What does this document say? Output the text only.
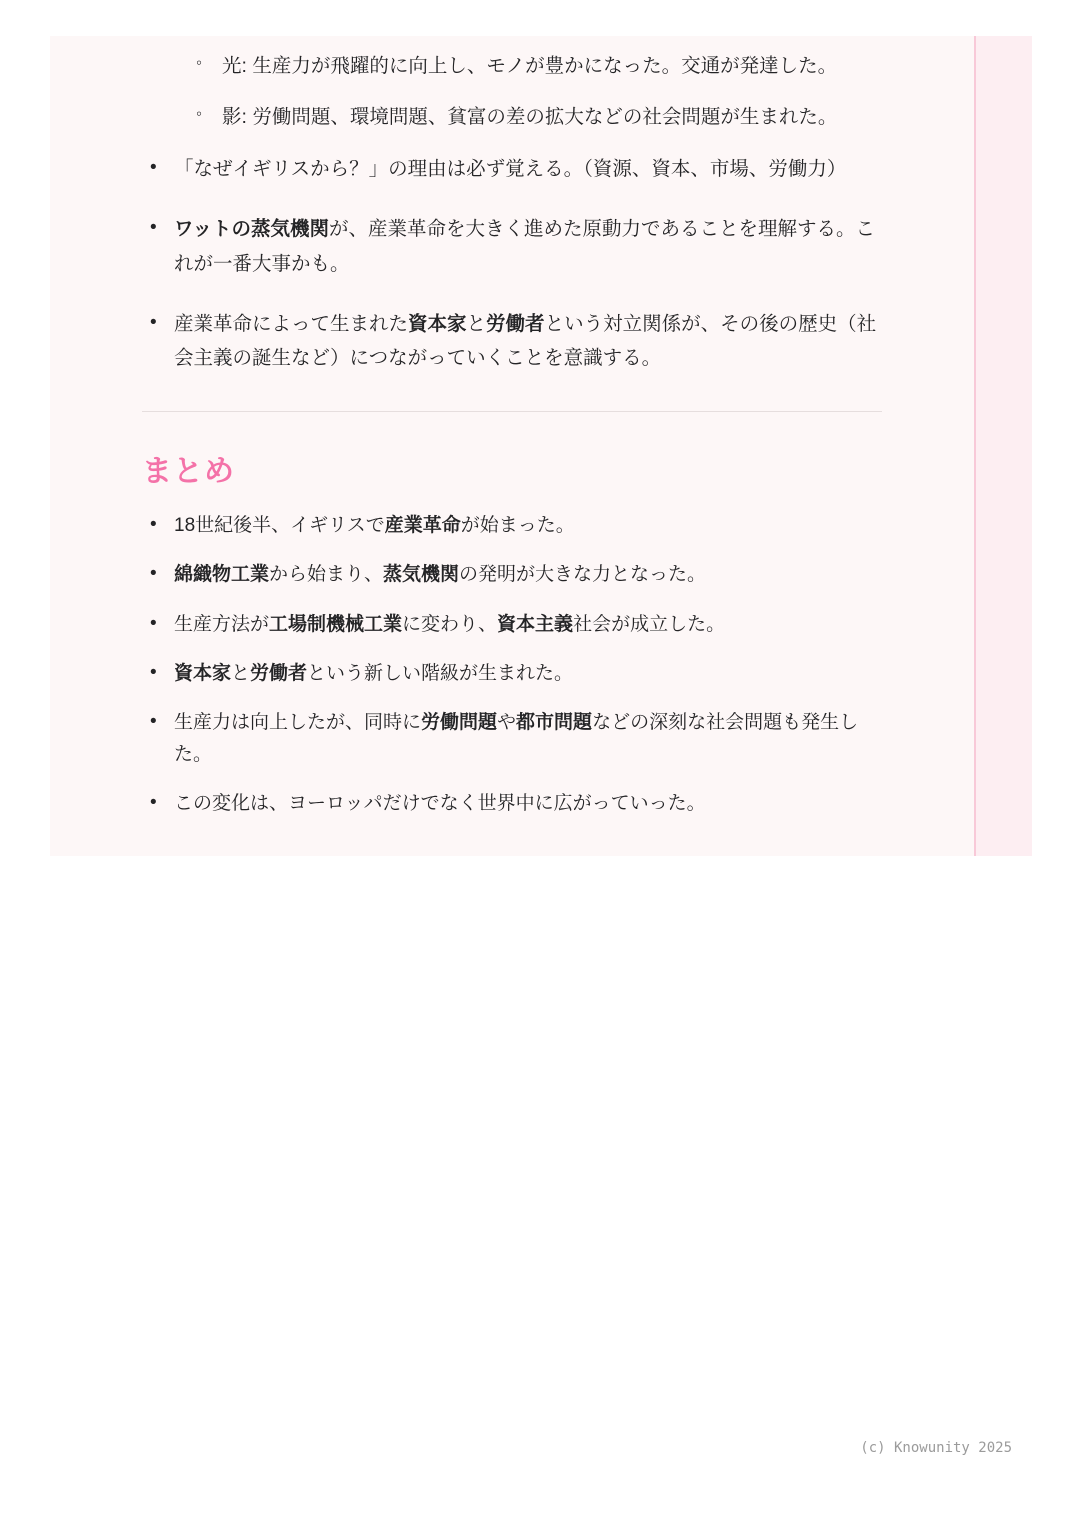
◦ 光: 生産力が飛躍的に向上し、モノが豊かになった。交通が発達した。
◦ 影: 労働問題、環境問題、貧富の差の拡大などの社会問題が生まれた。
• 「なぜイギリスから？」の理由は必ず覚える。（資源、資本、市場、労働力）
• ワットの蒸気機関が、産業革命を大きく進めた原動力であることを理解する。これが一番大事かも。
• 産業革命によって生まれた資本家と労働者という対立関係が、その後の歴史（社会主義の誕生など）につながっていくことを意識する。
まとめ
• 18世紀後半、イギリスで産業革命が始まった。
• 綿織物工業から始まり、蒸気機関の発明が大きな力となった。
• 生産方法が工場制機械工業に変わり、資本主義社会が成立した。
• 資本家と労働者という新しい階級が生まれた。
• 生産力は向上したが、同時に労働問題や都市問題などの深刻な社会問題も発生した。
• この変化は、ヨーロッパだけでなく世界中に広がっていった。
(c) Knowunity 2025
